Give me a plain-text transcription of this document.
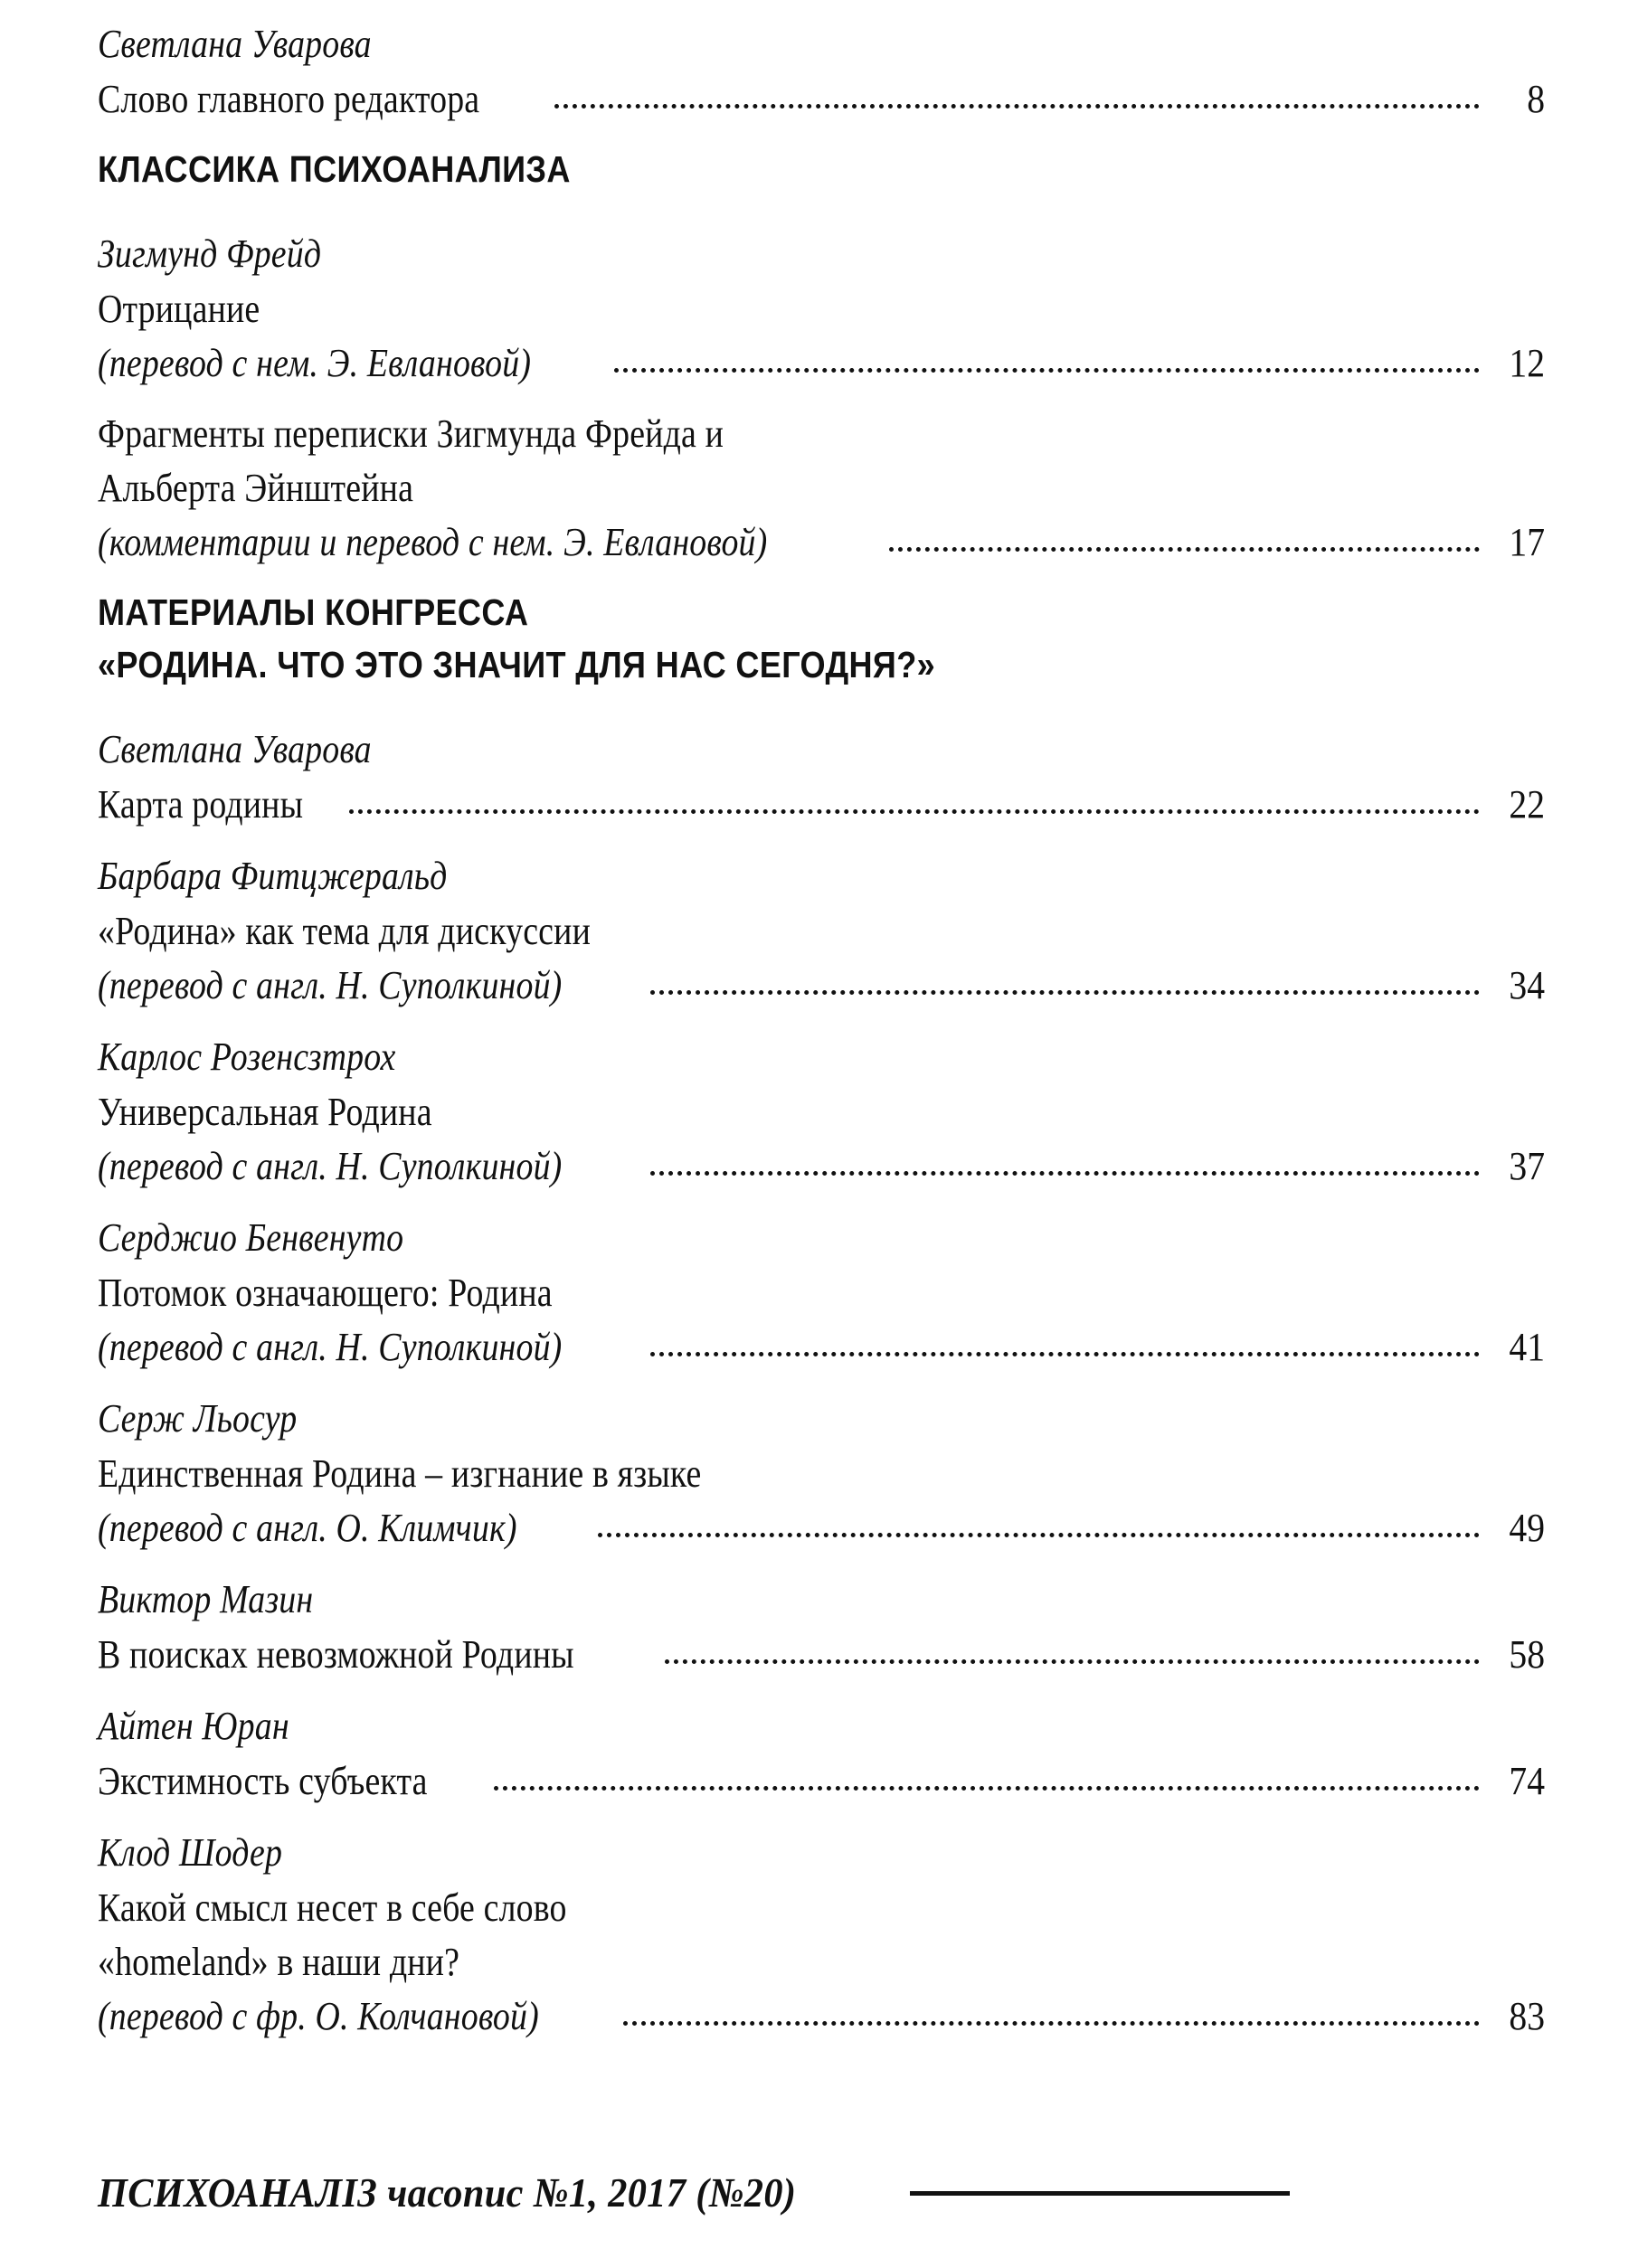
Светлана Уварова
Слово главного редактора	8
КЛАССИКА ПСИХОАНАЛИЗА
Зигмунд Фрейд
Отрицание
(перевод с нем. Э. Евлановой)	12
Фрагменты переписки Зигмунда Фрейда и
Альберта Эйнштейна
(комментарии и перевод с нем. Э. Евлановой)	17
МАТЕРИАЛЫ КОНГРЕССА
«РОДИНА. ЧТО ЭТО ЗНАЧИТ ДЛЯ НАС СЕГОДНЯ?»
Светлана Уварова
Карта родины	22
Барбара Фитцжеральд
«Родина» как тема для дискуссии
(перевод с англ. Н. Суполкиной)	34
Карлос Розенсзтрох
Универсальная Родина
(перевод с англ. Н. Суполкиной)	37
Серджио Бенвенуто
Потомок означающего: Родина
(перевод с англ. Н. Суполкиной)	41
Серж Льосур
Единственная Родина – изгнание в языке
(перевод с англ. О. Климчик)	49
Виктор Мазин
В поисках невозможной Родины	58
Айтен Юран
Экстимность субъекта	74
Клод Шодер
Какой смысл несет в себе слово
«homeland» в наши дни?
(перевод с фр. О. Колчановой)	83
ПСИХОАНАЛІЗ часопис №1, 2017 (№20)
